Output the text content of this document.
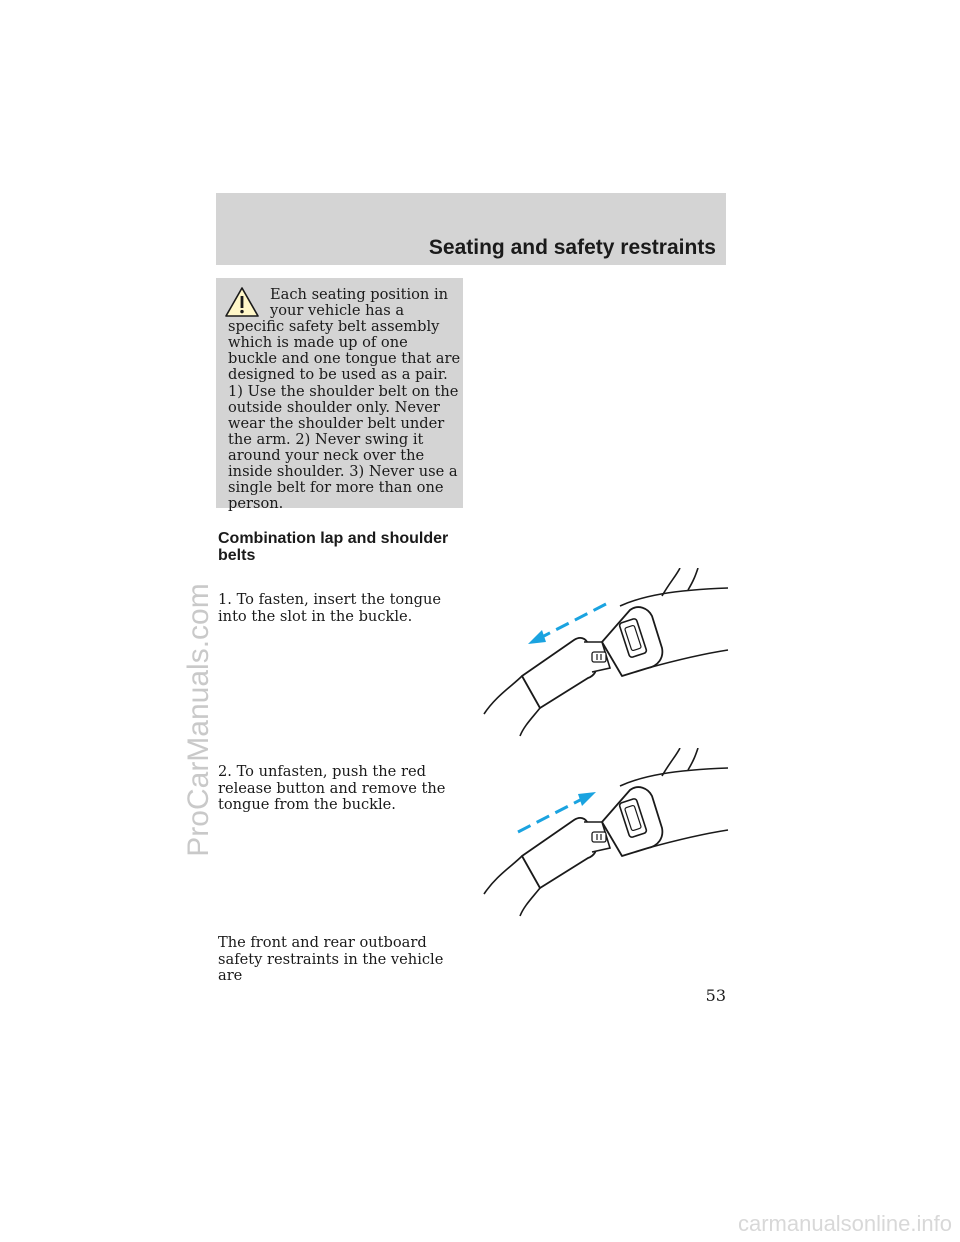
Seating and safety restraints

Each seating position in your vehicle has a specific safety belt assembly which is made up of one buckle and one tongue that are designed to be used as a pair. 1) Use the shoulder belt on the outside shoulder only. Never wear the shoulder belt under the arm. 2) Never swing it around your neck over the inside shoulder. 3) Never use a single belt for more than one person.

Combination lap and shoulder belts

1. To fasten, insert the tongue into the slot in the buckle.

2. To unfasten, push the red release button and remove the tongue from the buckle.

The front and rear outboard safety restraints in the vehicle are

53
ProCarManuals.com
carmanualsonline.info
